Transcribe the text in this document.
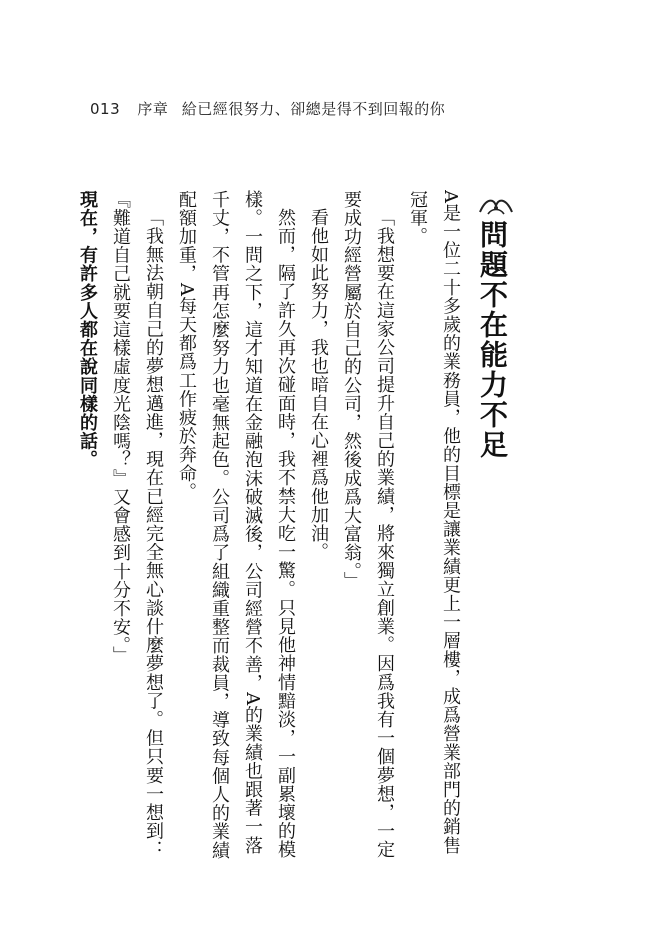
013 序章 給已經很努力、卻總是得不到回報的你
問題不在能力不足

A是一位二十多歲的業務員，他的目標是讓業績更上一層樓，成爲營業部門的銷售冠軍。

「我想要在這家公司提升自己的業績，將來獨立創業。因爲我有一個夢想，一定要成功經營屬於自己的公司，然後成爲大富翁。」

看他如此努力，我也暗自在心裡爲他加油。

然而，隔了許久再次碰面時，我不禁大吃一驚。只見他神情黯淡，一副累壞的模樣。一問之下，這才知道在金融泡沫破滅後，公司經營不善，A的業績也跟著一落千丈，不管再怎麼努力也毫無起色。公司爲了組織重整而裁員，導致每個人的業績配額加重，A每天都爲工作疲於奔命。

「我無法朝自己的夢想邁進，現在已經完全無心談什麼夢想了。但只要一想到：『難道自己就要這樣虛度光陰嗎？』又會感到十分不安。」

現在，有許多人都在說同樣的話。
